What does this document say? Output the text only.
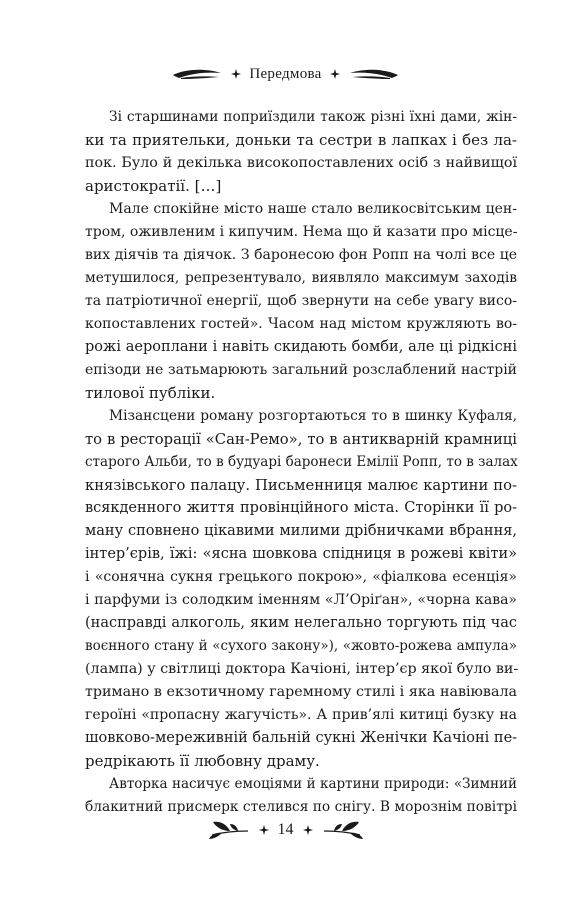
Передмова

Зі старшинами поприїздили також різні їхні дами, жін-
ки та приятельки, доньки та сестри в лапках і без ла-
пок. Було й декілька високопоставлених осіб з найвищої
аристократії. […]

Мале спокійне місто наше стало великосвітським цен-
тром, оживленим і кипучим. Нема що й казати про місце-
вих діячів та діячок. З баронесою фон Ропп на чолі все це
метушилося, репрезентувало, виявляло максимум заходів
та патріотичної енергії, щоб звернути на себе увагу висо-
копоставлених гостей». Часом над містом кружляють во-
рожі аероплани і навіть скидають бомби, але ці рідкісні
епізоди не затьмарюють загальний розслаблений настрій
тилової публіки.

Мізансцени роману розгортаються то в шинку Куфаля,
то в ресторації «Сан-Ремо», то в антикварній крамниці
старого Альби, то в будуарі баронеси Емілії Ропп, то в залах
князівського палацу. Письменниця малює картини по-
всякденного життя провінційного міста. Сторінки її ро-
ману сповнено цікавими милими дрібничками вбрання,
інтер’єрів, їжі: «ясна шовкова спідниця в рожеві квіти»
і «сонячна сукня грецького покрою», «фіалкова есенція»
і парфуми із солодким іменням «Л’Оріґан», «чорна кава»
(насправді алкоголь, яким нелегально торгують під час
воєнного стану й «сухого закону»), «жовто-рожева ампула»
(лампа) у світлиці доктора Качіоні, інтер’єр якої було ви-
тримано в екзотичному гаремному стилі і яка навіювала
героїні «пропасну жагучість». А прив’ялі китиці бузку на
шовково-мереживній бальній сукні Женічки Качіоні пе-
редрікають її любовну драму.

Авторка насичує емоціями й картини природи: «Зимний
блакитний присмерк стелився по снігу. В морознім повітрі

14
